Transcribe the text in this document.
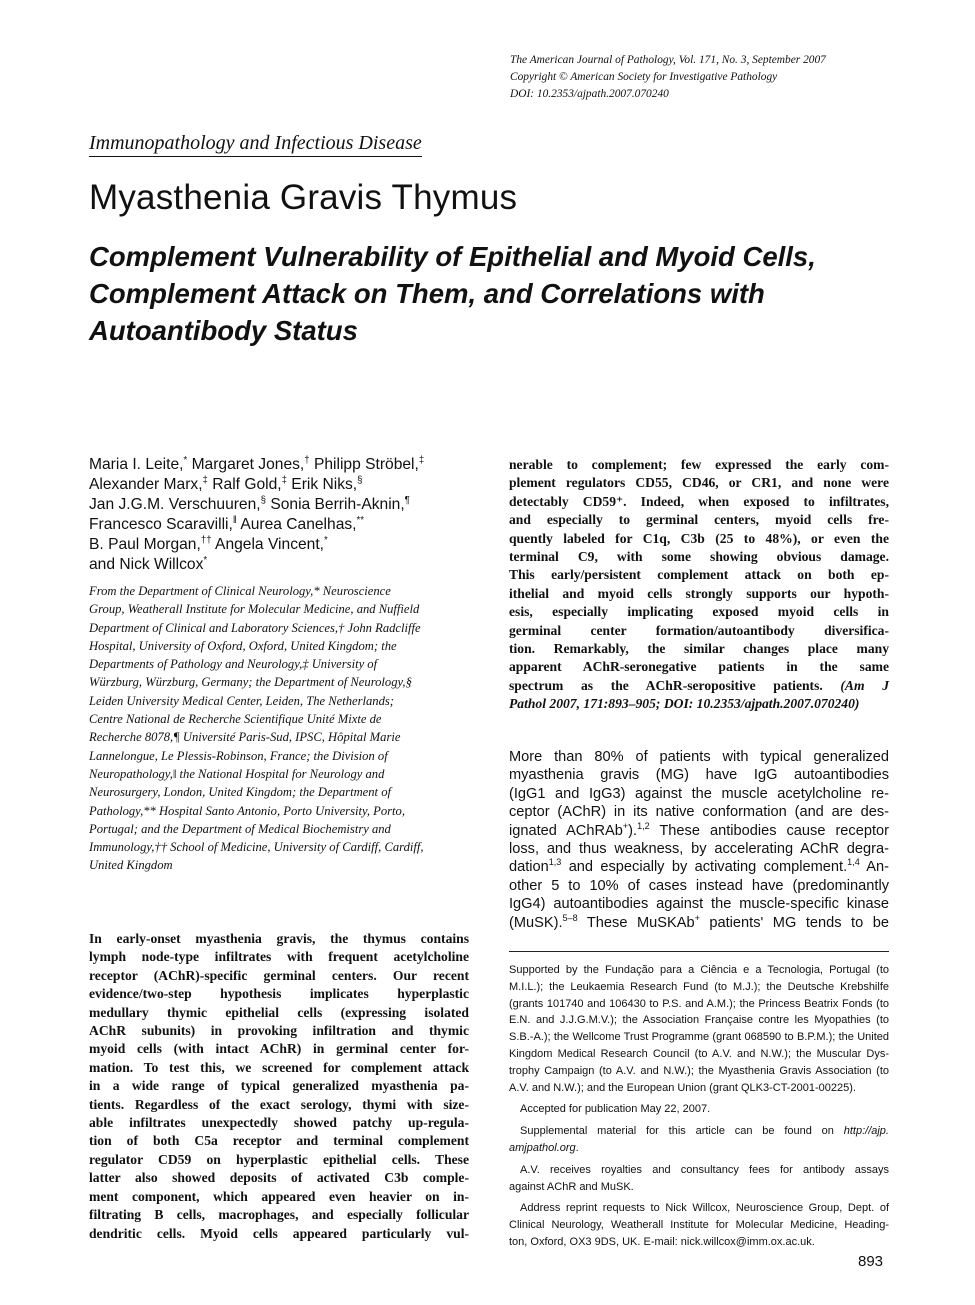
The American Journal of Pathology, Vol. 171, No. 3, September 2007
Copyright © American Society for Investigative Pathology
DOI: 10.2353/ajpath.2007.070240
Immunopathology and Infectious Disease
Myasthenia Gravis Thymus
Complement Vulnerability of Epithelial and Myoid Cells,
Complement Attack on Them, and Correlations with
Autoantibody Status
Maria I. Leite,* Margaret Jones,† Philipp Ströbel,‡
Alexander Marx,‡ Ralf Gold,‡ Erik Niks,§
Jan J.G.M. Verschuuren,§ Sonia Berrih-Aknin,¶
Francesco Scaravilli,‖ Aurea Canelhas,**
B. Paul Morgan,†† Angela Vincent,*
and Nick Willcox*
From the Department of Clinical Neurology,* Neuroscience
Group, Weatherall Institute for Molecular Medicine, and Nuffield
Department of Clinical and Laboratory Sciences,† John Radcliffe
Hospital, University of Oxford, Oxford, United Kingdom; the
Departments of Pathology and Neurology,‡ University of
Würzburg, Würzburg, Germany; the Department of Neurology,§
Leiden University Medical Center, Leiden, The Netherlands;
Centre National de Recherche Scientifique Unité Mixte de
Recherche 8078,¶ Université Paris-Sud, IPSC, Hôpital Marie
Lannelongue, Le Plessis-Robinson, France; the Division of
Neuropathology,‖ the National Hospital for Neurology and
Neurosurgery, London, United Kingdom; the Department of
Pathology,** Hospital Santo Antonio, Porto University, Porto,
Portugal; and the Department of Medical Biochemistry and
Immunology,†† School of Medicine, University of Cardiff, Cardiff,
United Kingdom
In early-onset myasthenia gravis, the thymus contains
lymph node-type infiltrates with frequent acetylcholine
receptor (AChR)-specific germinal centers. Our recent
evidence/two-step hypothesis implicates hyperplastic
medullary thymic epithelial cells (expressing isolated
AChR subunits) in provoking infiltration and thymic
myoid cells (with intact AChR) in germinal center for-
mation. To test this, we screened for complement attack
in a wide range of typical generalized myasthenia pa-
tients. Regardless of the exact serology, thymi with size-
able infiltrates unexpectedly showed patchy up-regula-
tion of both C5a receptor and terminal complement
regulator CD59 on hyperplastic epithelial cells. These
latter also showed deposits of activated C3b comple-
ment component, which appeared even heavier on in-
filtrating B cells, macrophages, and especially follicular
dendritic cells. Myoid cells appeared particularly vul-
nerable to complement; few expressed the early com-
plement regulators CD55, CD46, or CR1, and none were
detectably CD59⁺. Indeed, when exposed to infiltrates,
and especially to germinal centers, myoid cells fre-
quently labeled for C1q, C3b (25 to 48%), or even the
terminal C9, with some showing obvious damage.
This early/persistent complement attack on both ep-
ithelial and myoid cells strongly supports our hypoth-
esis, especially implicating exposed myoid cells in
germinal center formation/autoantibody diversifica-
tion. Remarkably, the similar changes place many
apparent AChR-seronegative patients in the same
spectrum as the AChR-seropositive patients. (Am J
Pathol 2007, 171:893–905; DOI: 10.2353/ajpath.2007.070240)
More than 80% of patients with typical generalized
myasthenia gravis (MG) have IgG autoantibodies
(IgG1 and IgG3) against the muscle acetylcholine re-
ceptor (AChR) in its native conformation (and are des-
ignated AChRAb+).$^{1,2}$ These antibodies cause receptor
loss, and thus weakness, by accelerating AChR degra-
dation$^{1,3}$ and especially by activating complement.$^{1,4}$ An-
other 5 to 10% of cases instead have (predominantly
IgG4) autoantibodies against the muscle-specific kinase
(MuSK).$^{5-8}$ These MuSKAb+ patients' MG tends to be
Supported by the Fundação para a Ciência e a Tecnologia, Portugal (to
M.I.L.); the Leukaemia Research Fund (to M.J.); the Deutsche Krebshilfe
(grants 101740 and 106430 to P.S. and A.M.); the Princess Beatrix Fonds (to
E.N. and J.J.G.M.V.); the Association Française contre les Myopathies (to
S.B.-A.); the Wellcome Trust Programme (grant 068590 to B.P.M.); the United
Kingdom Medical Research Council (to A.V. and N.W.); the Muscular Dys-
trophy Campaign (to A.V. and N.W.); the Myasthenia Gravis Association (to
A.V. and N.W.); and the European Union (grant QLK3-CT-2001-00225).
Accepted for publication May 22, 2007.
Supplemental material for this article can be found on http://ajp.
amjpathol.org.
A.V. receives royalties and consultancy fees for antibody assays
against AChR and MuSK.
Address reprint requests to Nick Willcox, Neuroscience Group, Dept. of
Clinical Neurology, Weatherall Institute for Molecular Medicine, Heading-
ton, Oxford, OX3 9DS, UK. E-mail: nick.willcox@imm.ox.ac.uk.
893
